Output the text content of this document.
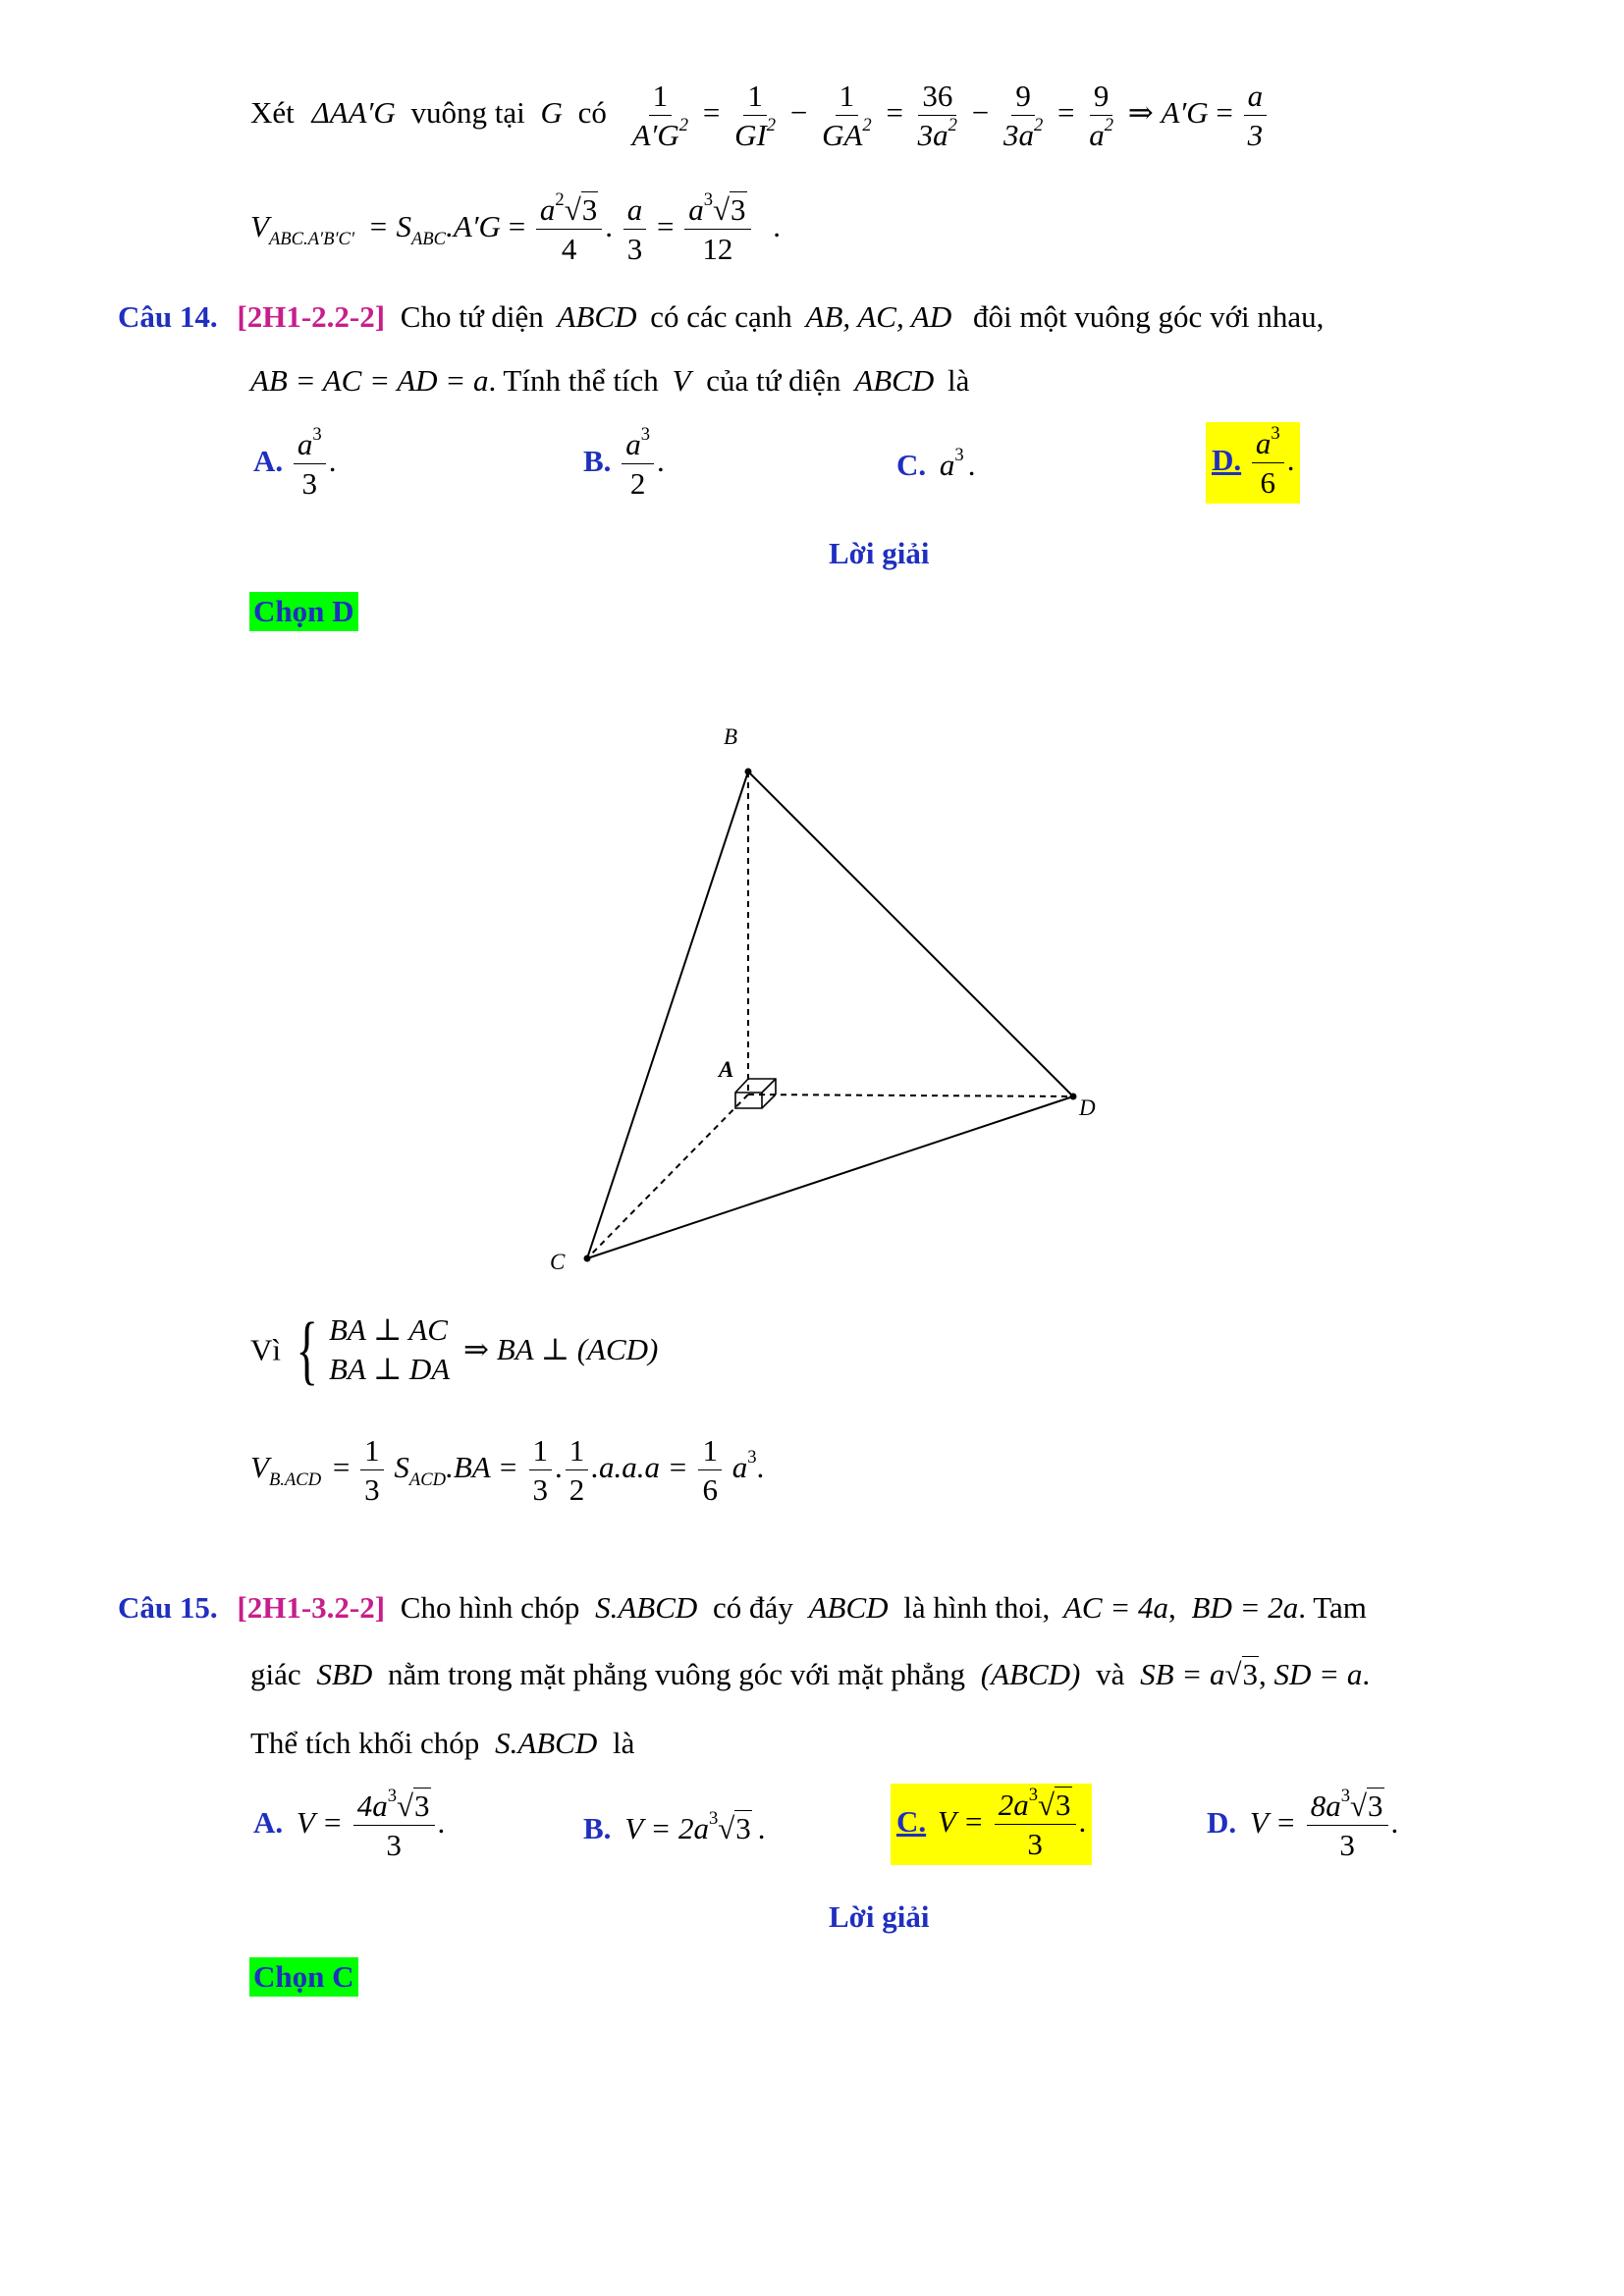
Xét ΔAA′G vuông tại G có $\frac{1}{A'G^2} = \frac{1}{GI^2} - \frac{1}{GA^2} = \frac{36}{3a^2} - \frac{9}{3a^2} = \frac{9}{a^2}$ ⇒ $A'G = \frac{a}{3}$
$V_{ABC.A'B'C'} = S_{ABC}.A'G = \frac{a^2√3}{4}$ . $\frac{a}{3} = \frac{a^3√3}{12}$ .
Câu 14. [2H1-2.2-2] Cho tứ diện ABCD có các cạnh AB, AC, AD đôi một vuông góc với nhau,
AB = AC = AD = a. Tính thể tích V của tứ diện ABCD là
A. $\frac{a^3}{3}$ .	B. $\frac{a^3}{2}$ .	C. $a^3$ .	D. $\frac{a^3}{6}$ .
Lời giải
Chọn D
B
A
C
D
Vì { BA ⊥ AC
BA ⊥ DA
⇒ BA ⊥ (ACD)
$V_{B.ACD} = \frac{1}{3} S_{ACD}.BA = \frac{1}{3}$ . $\frac{1}{2} .a.a.a = \frac{1}{6} a^3$.
Câu 15. [2H1-3.2-2] Cho hình chóp S.ABCD có đáy ABCD là hình thoi, AC = 4a, BD = 2a. Tam
giác SBD nằm trong mặt phẳng vuông góc với mặt phẳng (ABCD) và SB = a√3, SD = a.
Thể tích khối chóp S.ABCD là
A. $V = \frac{4a^3√3}{3}$ .	B. $V = 2a^3√3$ .	C. $V = \frac{2a^3√3}{3}$ .	D. $V = \frac{8a^3√3}{3}$ .
Lời giải
Chọn C
